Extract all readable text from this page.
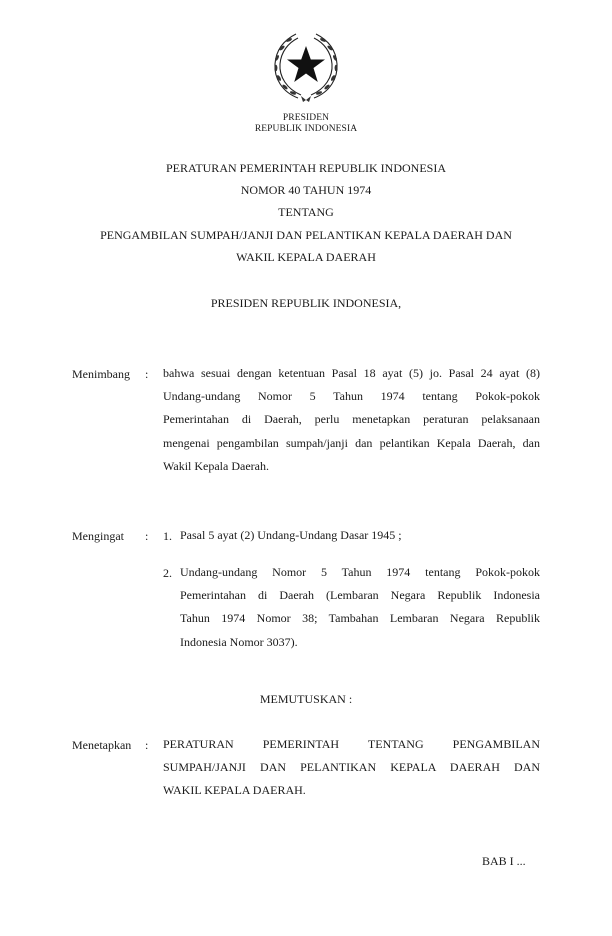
PRESIDEN
REPUBLIK INDONESIA
PERATURAN PEMERINTAH REPUBLIK INDONESIA
NOMOR 40 TAHUN 1974
TENTANG
PENGAMBILAN SUMPAH/JANJI DAN PELANTIKAN KEPALA DAERAH DAN
WAKIL KEPALA DAERAH
PRESIDEN REPUBLIK INDONESIA,
Menimbang : bahwa sesuai dengan ketentuan Pasal 18 ayat (5) jo. Pasal 24 ayat (8)
Undang-undang Nomor 5 Tahun 1974 tentang Pokok-pokok
Pemerintahan di Daerah, perlu menetapkan peraturan pelaksanaan
mengenai pengambilan sumpah/janji dan pelantikan Kepala Daerah, dan
Wakil Kepala Daerah.
Mengingat : 1. Pasal 5 ayat (2) Undang-Undang Dasar 1945 ;
2. Undang-undang Nomor 5 Tahun 1974 tentang Pokok-pokok
Pemerintahan di Daerah (Lembaran Negara Republik Indonesia
Tahun 1974 Nomor 38; Tambahan Lembaran Negara Republik
Indonesia Nomor 3037).
MEMUTUSKAN :
Menetapkan : PERATURAN PEMERINTAH TENTANG PENGAMBILAN
SUMPAH/JANJI DAN PELANTIKAN KEPALA DAERAH DAN
WAKIL KEPALA DAERAH.
BAB I ...
